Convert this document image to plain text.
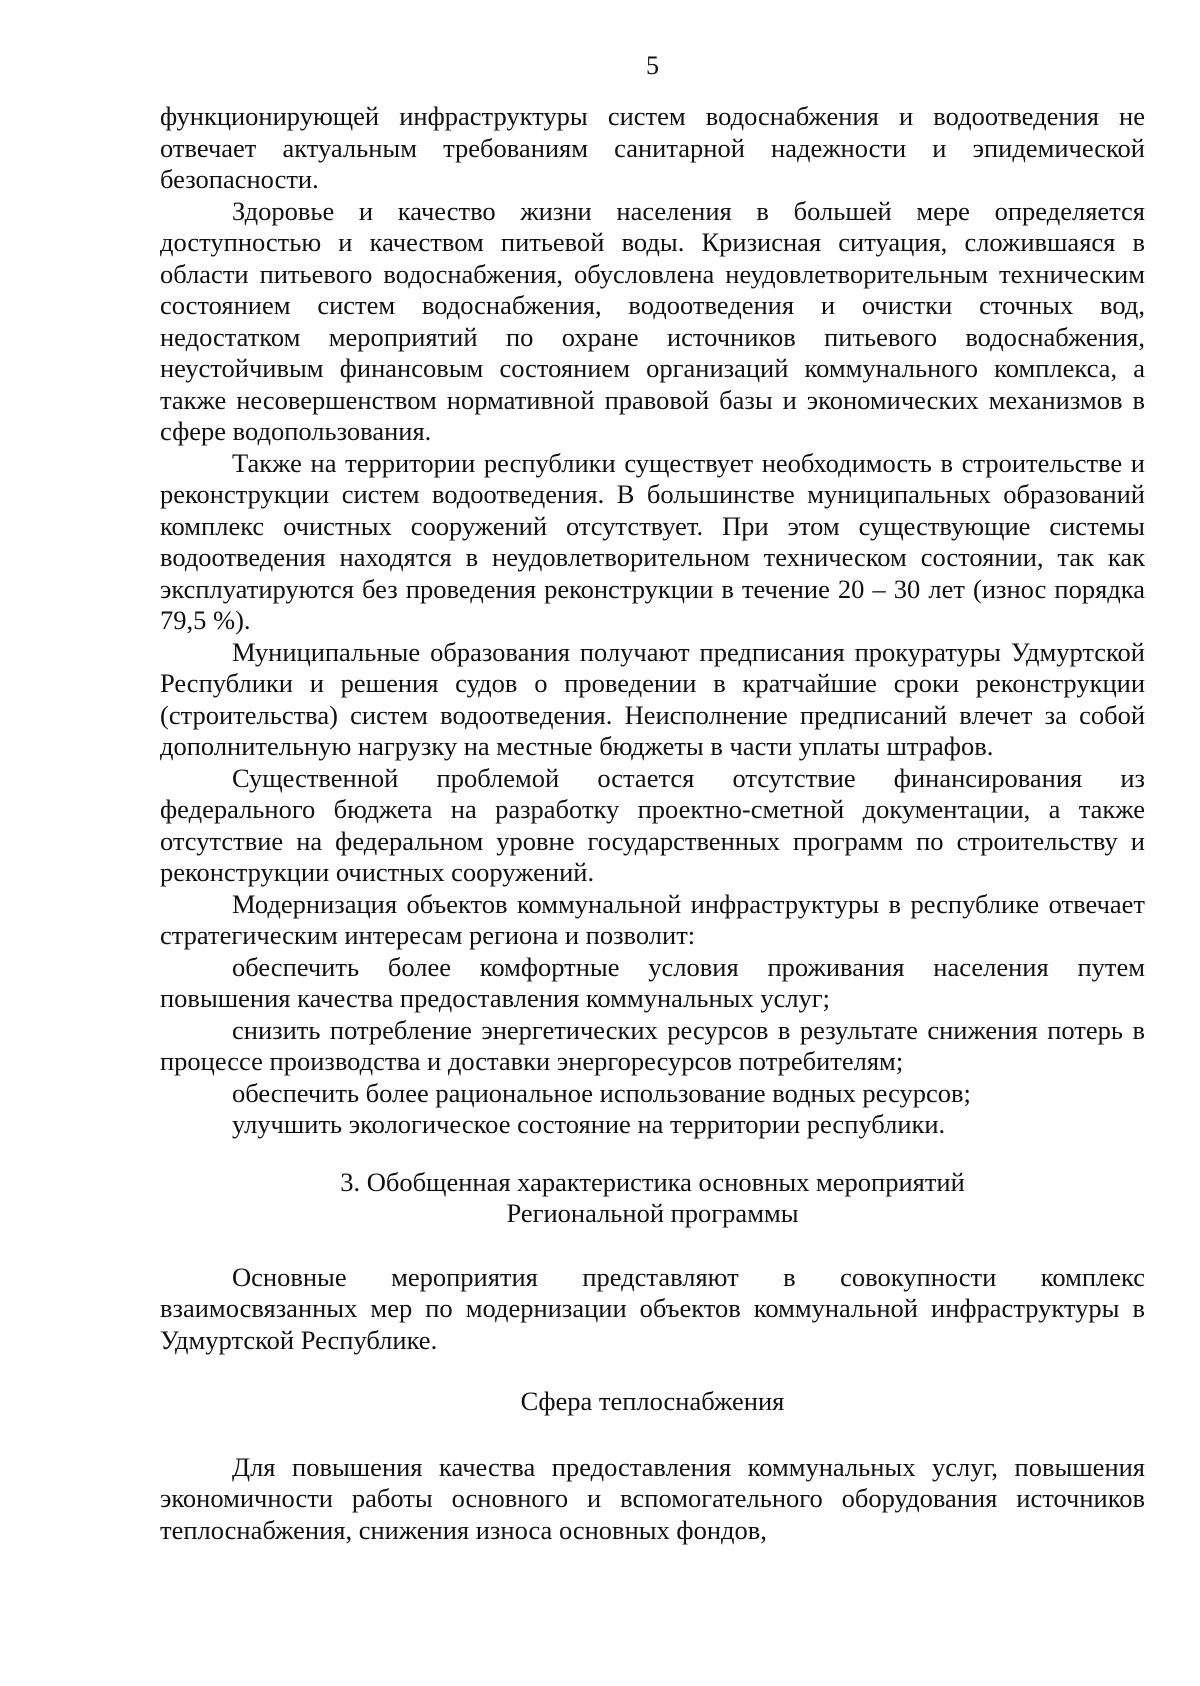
5

функционирующей инфраструктуры систем водоснабжения и водоотведения не отвечает актуальным требованиям санитарной надежности и эпидемической безопасности.

Здоровье и качество жизни населения в большей мере определяется доступностью и качеством питьевой воды. Кризисная ситуация, сложившаяся в области питьевого водоснабжения, обусловлена неудовлетворительным техническим состоянием систем водоснабжения, водоотведения и очистки сточных вод, недостатком мероприятий по охране источников питьевого водоснабжения, неустойчивым финансовым состоянием организаций коммунального комплекса, а также несовершенством нормативной правовой базы и экономических механизмов в сфере водопользования.

Также на территории республики существует необходимость в строительстве и реконструкции систем водоотведения. В большинстве муниципальных образований комплекс очистных сооружений отсутствует. При этом существующие системы водоотведения находятся в неудовлетворительном техническом состоянии, так как эксплуатируются без проведения реконструкции в течение 20 – 30 лет (износ порядка 79,5 %).

Муниципальные образования получают предписания прокуратуры Удмуртской Республики и решения судов о проведении в кратчайшие сроки реконструкции (строительства) систем водоотведения. Неисполнение предписаний влечет за собой дополнительную нагрузку на местные бюджеты в части уплаты штрафов.

Существенной проблемой остается отсутствие финансирования из федерального бюджета на разработку проектно-сметной документации, а также отсутствие на федеральном уровне государственных программ по строительству и реконструкции очистных сооружений.

Модернизация объектов коммунальной инфраструктуры в республике отвечает стратегическим интересам региона и позволит:

обеспечить более комфортные условия проживания населения путем повышения качества предоставления коммунальных услуг;

снизить потребление энергетических ресурсов в результате снижения потерь в процессе производства и доставки энергоресурсов потребителям;

обеспечить более рациональное использование водных ресурсов;

улучшить экологическое состояние на территории республики.

3. Обобщенная характеристика основных мероприятий
Региональной программы

Основные мероприятия представляют в совокупности комплекс взаимосвязанных мер по модернизации объектов коммунальной инфраструктуры в Удмуртской Республике.

Сфера теплоснабжения

Для повышения качества предоставления коммунальных услуг, повышения экономичности работы основного и вспомогательного оборудования источников теплоснабжения, снижения износа основных фондов,
